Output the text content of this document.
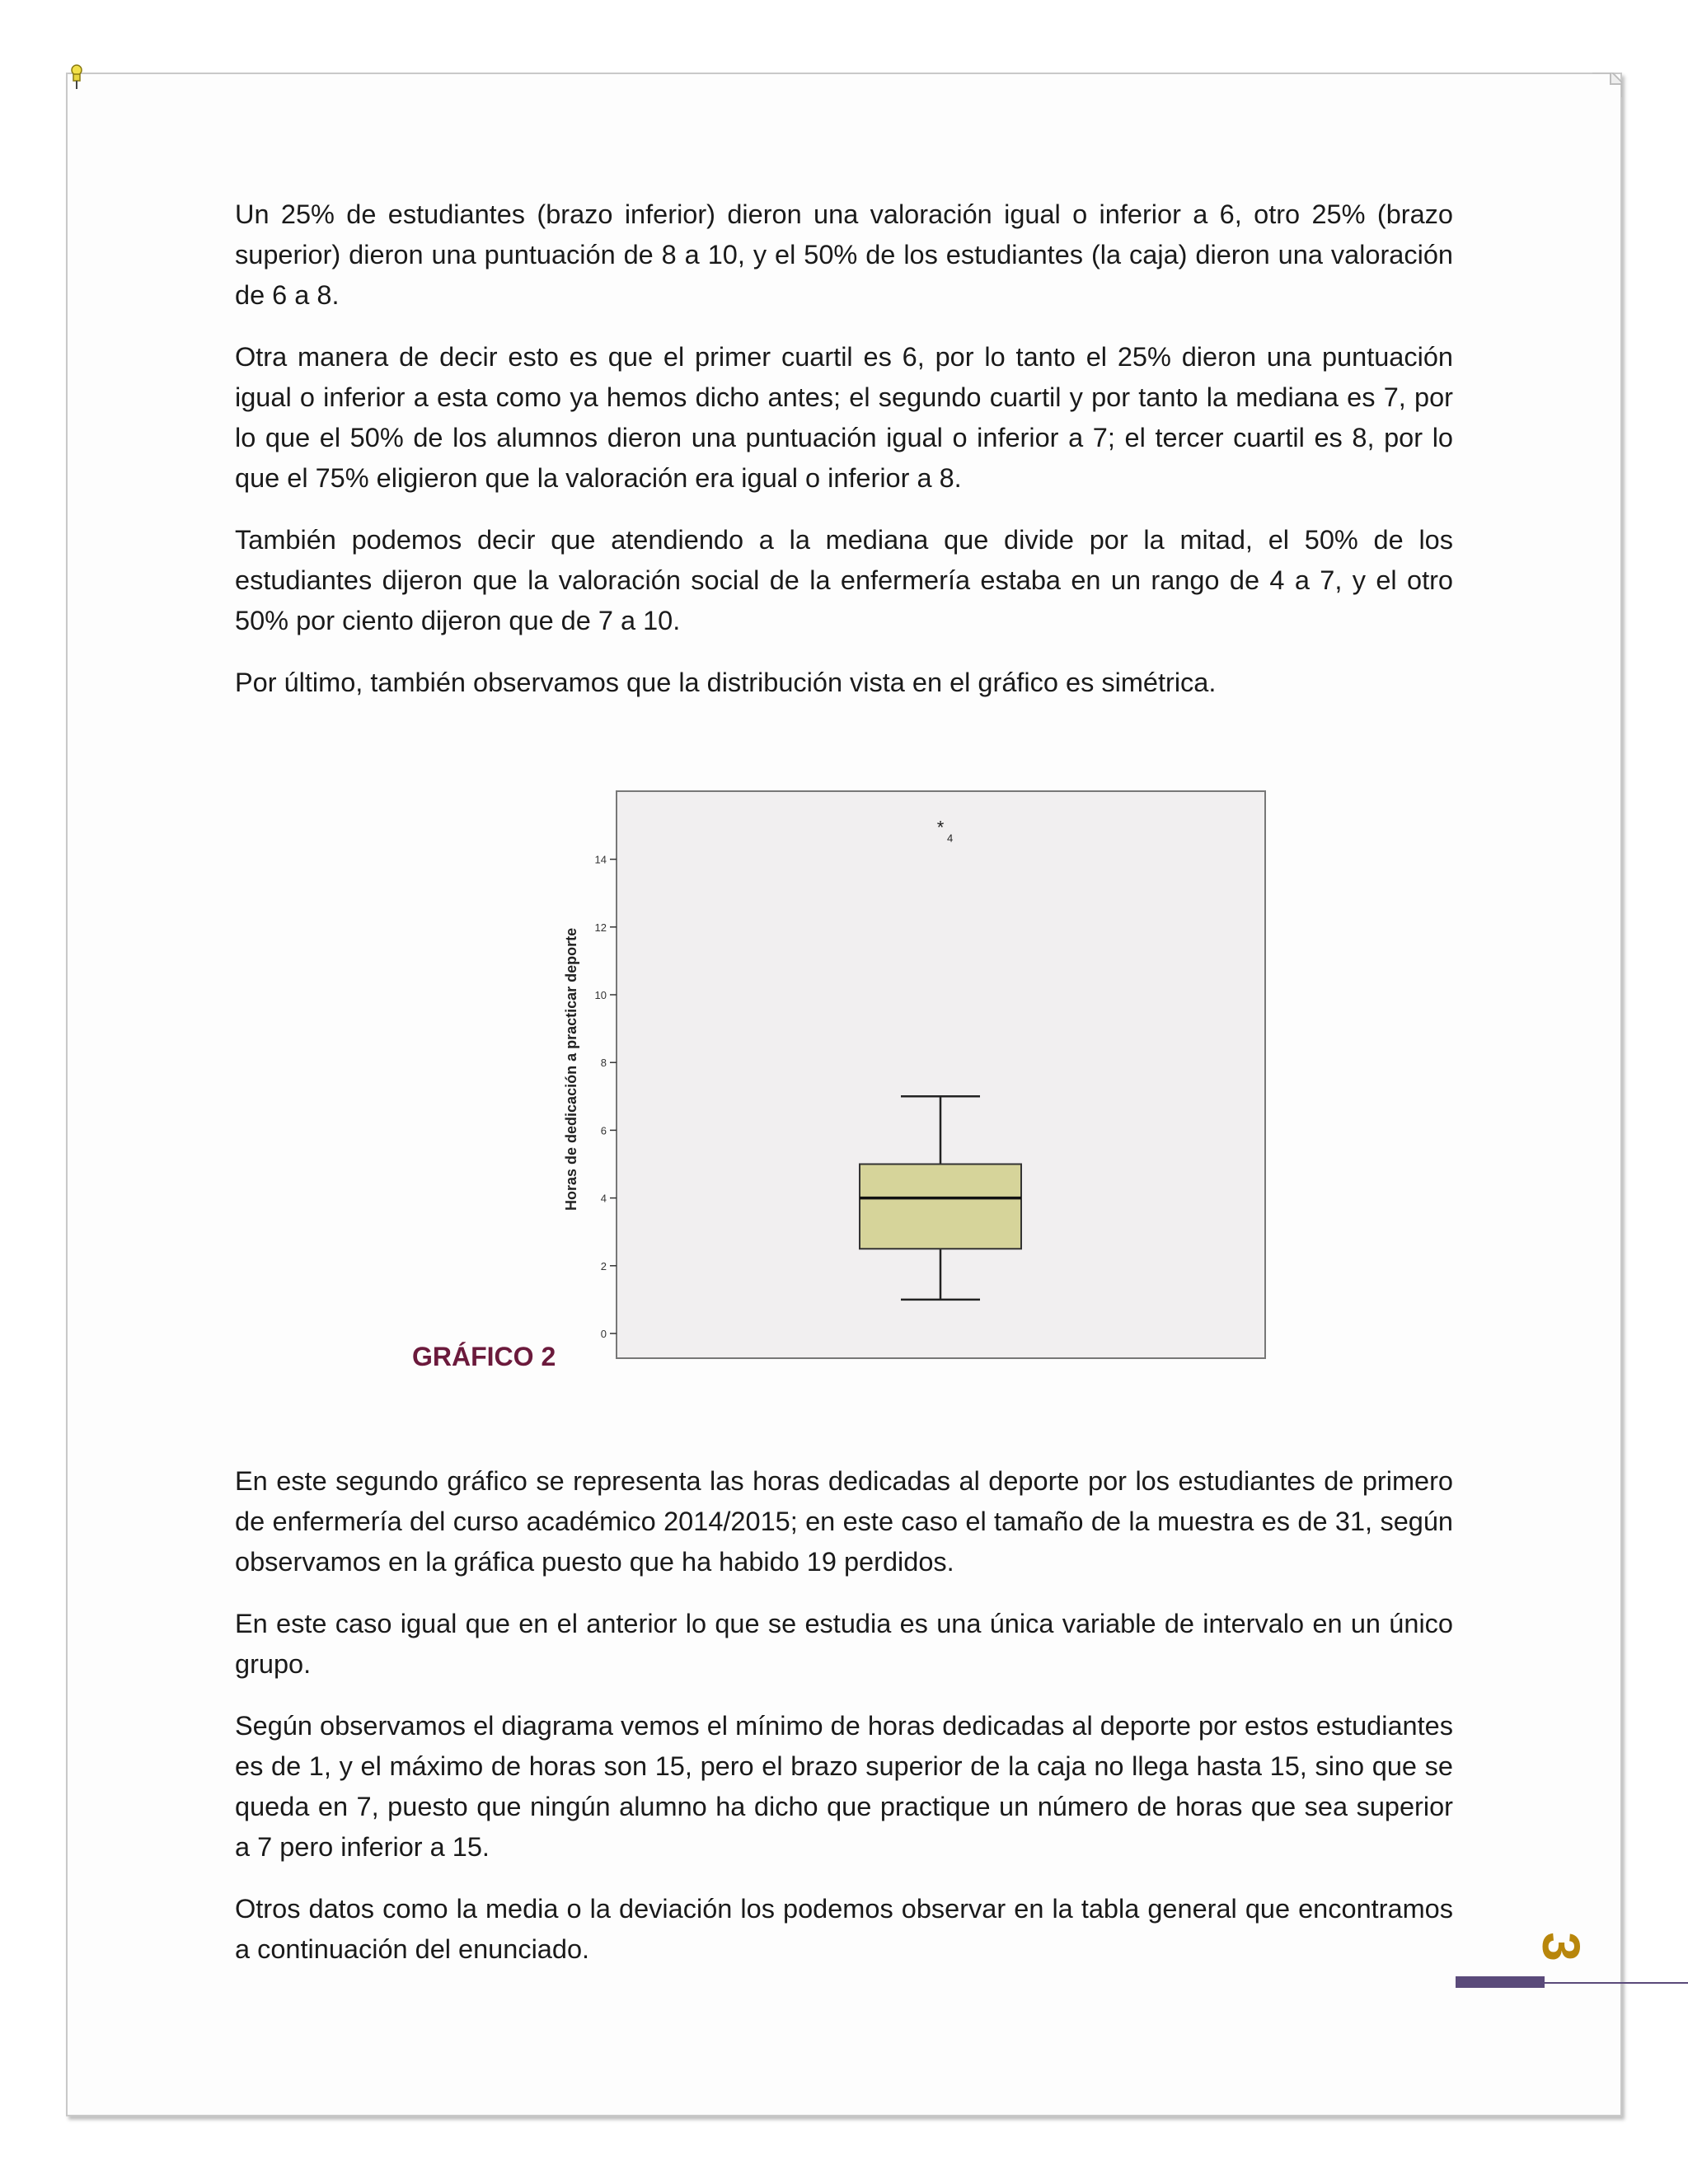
Un 25% de estudiantes (brazo inferior) dieron una valoración igual o inferior a 6, otro 25% (brazo superior) dieron una puntuación de 8 a 10, y el 50% de los estudiantes (la caja) dieron una valoración de 6 a 8.

Otra manera de decir esto es que el primer cuartil es 6, por lo tanto el 25% dieron una puntuación igual o inferior a esta como ya hemos dicho antes; el segundo cuartil y por tanto la mediana es 7, por lo que el 50% de los alumnos dieron una puntuación igual o inferior a 7; el tercer cuartil es 8, por lo que el 75% eligieron que la valoración era igual o inferior a 8.

También podemos decir que atendiendo a la mediana que divide por la mitad, el 50% de los estudiantes dijeron que la valoración social de la enfermería estaba en un rango de 4 a 7, y el otro 50% por ciento dijeron que de 7 a 10.

Por último, también observamos que la distribución vista en el gráfico es simétrica.

0
2
4
6
8
10
12
14
Horas de dedicación a practicar deporte
*
4
GRÁFICO 2

En este segundo gráfico se representa las horas dedicadas al deporte por los estudiantes de primero de enfermería del curso académico 2014/2015; en este caso el tamaño de la muestra es de 31, según observamos en la gráfica puesto que ha habido 19 perdidos.

En este caso igual que en el anterior lo que se estudia es una única variable de intervalo en un único grupo.

Según observamos el diagrama vemos el mínimo de horas dedicadas al deporte por estos estudiantes es de 1, y el máximo de horas son 15, pero el brazo superior de la caja no llega hasta 15, sino que se queda en 7, puesto que ningún alumno ha dicho que practique un número de horas que sea superior a 7 pero inferior a 15.

Otros datos como la media o la deviación los podemos observar en la tabla general que encontramos a continuación del enunciado.	3
